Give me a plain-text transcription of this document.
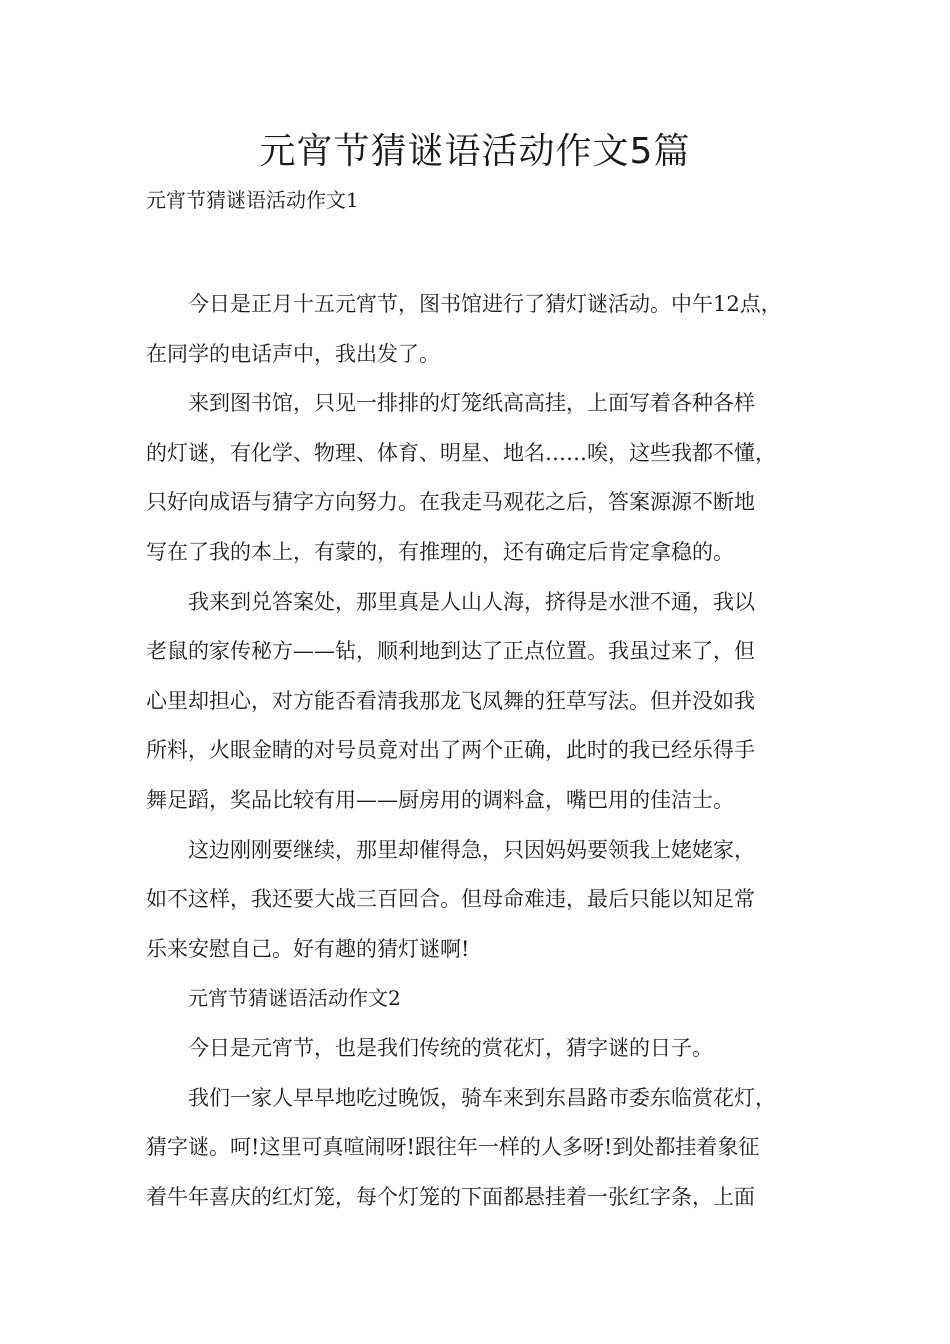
元宵节猜谜语活动作文5篇

元宵节猜谜语活动作文1

今日是正月十五元宵节，图书馆进行了猜灯谜活动。中午12点，
在同学的电话声中，我出发了。

来到图书馆，只见一排排的灯笼纸高高挂，上面写着各种各样
的灯谜，有化学、物理、体育、明星、地名……唉，这些我都不懂，
只好向成语与猜字方向努力。在我走马观花之后，答案源源不断地
写在了我的本上，有蒙的，有推理的，还有确定后肯定拿稳的。

我来到兑答案处，那里真是人山人海，挤得是水泄不通，我以
老鼠的家传秘方——钻，顺利地到达了正点位置。我虽过来了，但
心里却担心，对方能否看清我那龙飞凤舞的狂草写法。但并没如我
所料，火眼金睛的对号员竟对出了两个正确，此时的我已经乐得手
舞足蹈，奖品比较有用——厨房用的调料盒，嘴巴用的佳洁士。

这边刚刚要继续，那里却催得急，只因妈妈要领我上姥姥家，
如不这样，我还要大战三百回合。但母命难违，最后只能以知足常
乐来安慰自己。好有趣的猜灯谜啊!

元宵节猜谜语活动作文2

今日是元宵节，也是我们传统的赏花灯，猜字谜的日子。

我们一家人早早地吃过晚饭，骑车来到东昌路市委东临赏花灯，
猜字谜。呵!这里可真喧闹呀!跟往年一样的人多呀!到处都挂着象征
着牛年喜庆的红灯笼，每个灯笼的下面都悬挂着一张红字条，上面
